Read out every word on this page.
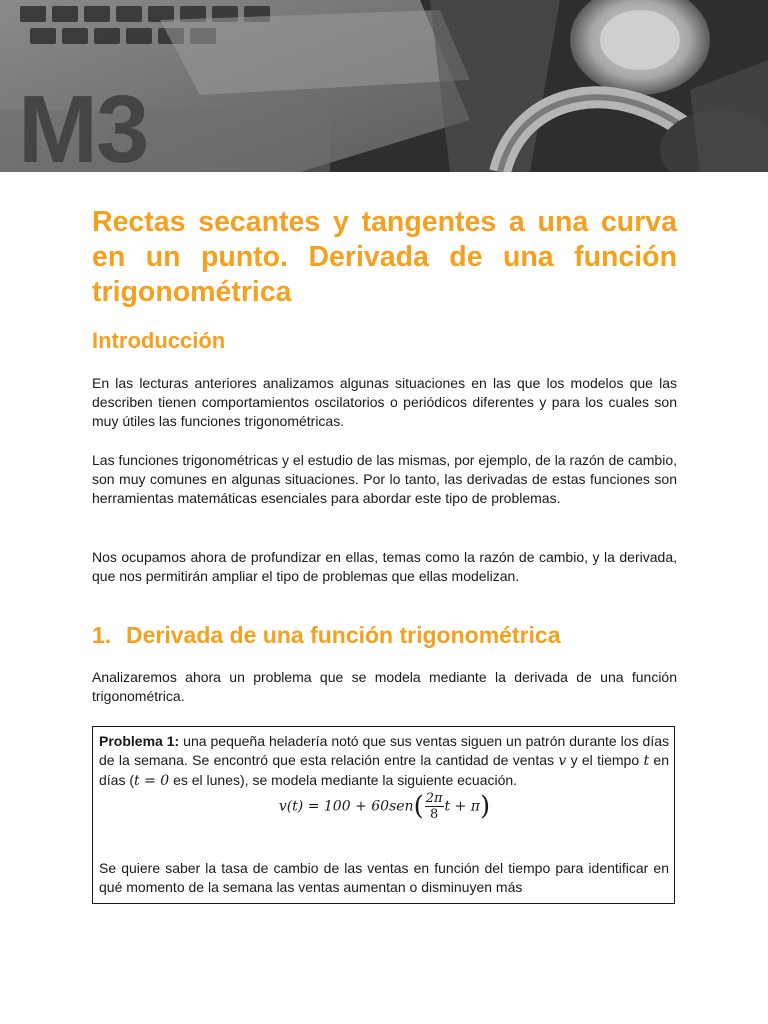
M3
Rectas secantes y tangentes a una curva en un punto. Derivada de una función trigonométrica
Introducción

En las lecturas anteriores analizamos algunas situaciones en las que los modelos que las describen tienen comportamientos oscilatorios o periódicos diferentes y para los cuales son muy útiles las funciones trigonométricas.

Las funciones trigonométricas y el estudio de las mismas, por ejemplo, de la razón de cambio, son muy comunes en algunas situaciones. Por lo tanto, las derivadas de estas funciones son herramientas matemáticas esenciales para abordar este tipo de problemas.

Nos ocupamos ahora de profundizar en ellas, temas como la razón de cambio, y la derivada, que nos permitirán ampliar el tipo de problemas que ellas modelizan.

1. Derivada de una función trigonométrica

Analizaremos ahora un problema que se modela mediante la derivada de una función trigonométrica.

Problema 1: una pequeña heladería notó que sus ventas siguen un patrón durante los días de la semana. Se encontró que esta relación entre la cantidad de ventas v y el tiempo t en días (t = 0 es el lunes), se modela mediante la siguiente ecuación.

$v(t) = 100 + 60sen( \frac{2\pi}{8}$ t + π)

Se quiere saber la tasa de cambio de las ventas en función del tiempo para identificar en qué momento de la semana las ventas aumentan o disminuyen más
